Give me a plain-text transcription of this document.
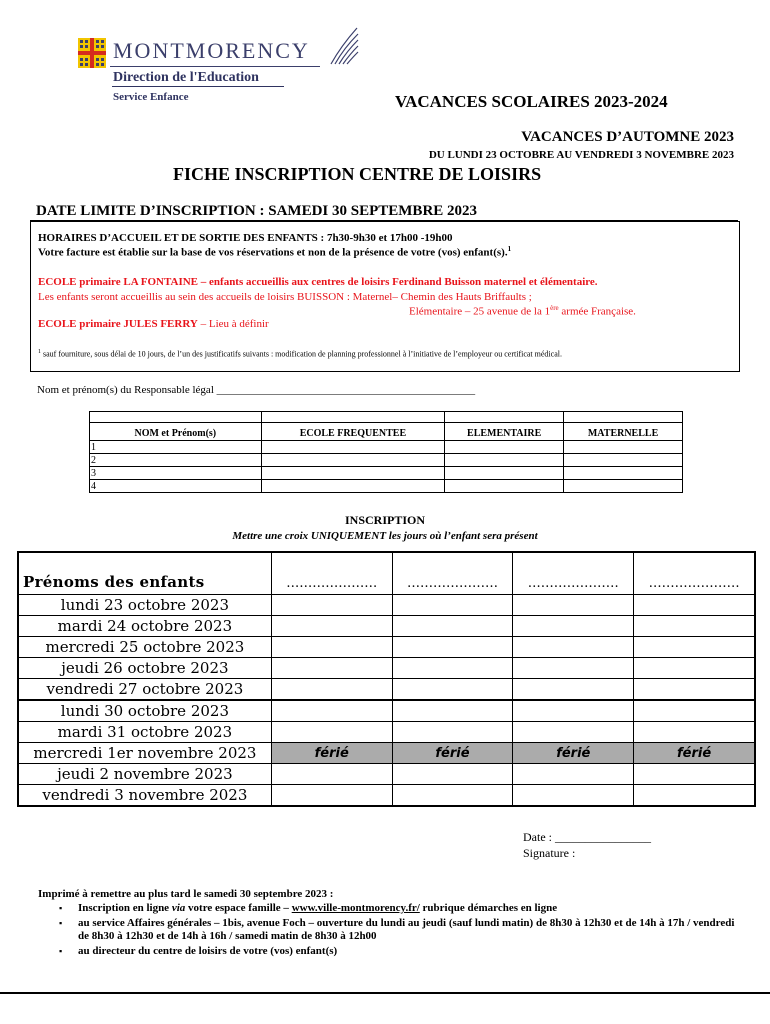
MONTMORENCY
Direction de l'Education
Service Enfance	VACANCES SCOLAIRES 2023-2024
VACANCES D’AUTOMNE 2023
DU LUNDI 23 OCTOBRE AU VENDREDI 3 NOVEMBRE 2023
FICHE INSCRIPTION CENTRE DE LOISIRS
DATE LIMITE D’INSCRIPTION : SAMEDI 30 SEPTEMBRE 2023
HORAIRES D’ACCUEIL ET DE SORTIE DES ENFANTS : 7h30-9h30 et 17h00 -19h00
Votre facture est établie sur la base de vos réservations et non de la présence de votre (vos) enfant(s).$^1$
ECOLE primaire LA FONTAINE – enfants accueillis aux centres de loisirs Ferdinand Buisson maternel et élémentaire.
Les enfants seront accueillis au sein des accueils de loisirs BUISSON : Maternel– Chemin des Hauts Briffaults ;
Elémentaire – 25 avenue de la 1ère armée Française.
ECOLE primaire JULES FERRY – Lieu à définir
$^1$ sauf fourniture, sous délai de 10 jours, de l’un des justificatifs suivants : modification de planning professionnel à l’initiative de l’employeur ou certificat médical.
Nom et prénom(s) du Responsable légal _______________________________________________

NOM et Prénom(s)	ECOLE FREQUENTEE	ELEMENTAIRE	MATERNELLE
1			
2			
3			
4			
INSCRIPTION
Mettre une croix UNIQUEMENT les jours où l’enfant sera présent
Prénoms des enfants	…………………	…………………	…………………	…………………
lundi 23 octobre 2023				
mardi 24 octobre 2023				
mercredi 25 octobre 2023				
jeudi 26 octobre 2023				
vendredi 27 octobre 2023				
lundi 30 octobre 2023				
mardi 31 octobre 2023				
mercredi 1er novembre 2023	férié	férié	férié	férié
jeudi 2 novembre 2023				
vendredi 3 novembre 2023				
Date : ________________
Signature :
Imprimé à remettre au plus tard le samedi 30 septembre 2023 :
▪ Inscription en ligne via votre espace famille – www.ville-montmorency.fr/ rubrique démarches en ligne
▪ au service Affaires générales – 1bis, avenue Foch – ouverture du lundi au jeudi (sauf lundi matin) de 8h30 à 12h30 et de 14h à 17h / vendredi de 8h30 à 12h30 et de 14h à 16h / samedi matin de 8h30 à 12h00
▪ au directeur du centre de loisirs de votre (vos) enfant(s)
